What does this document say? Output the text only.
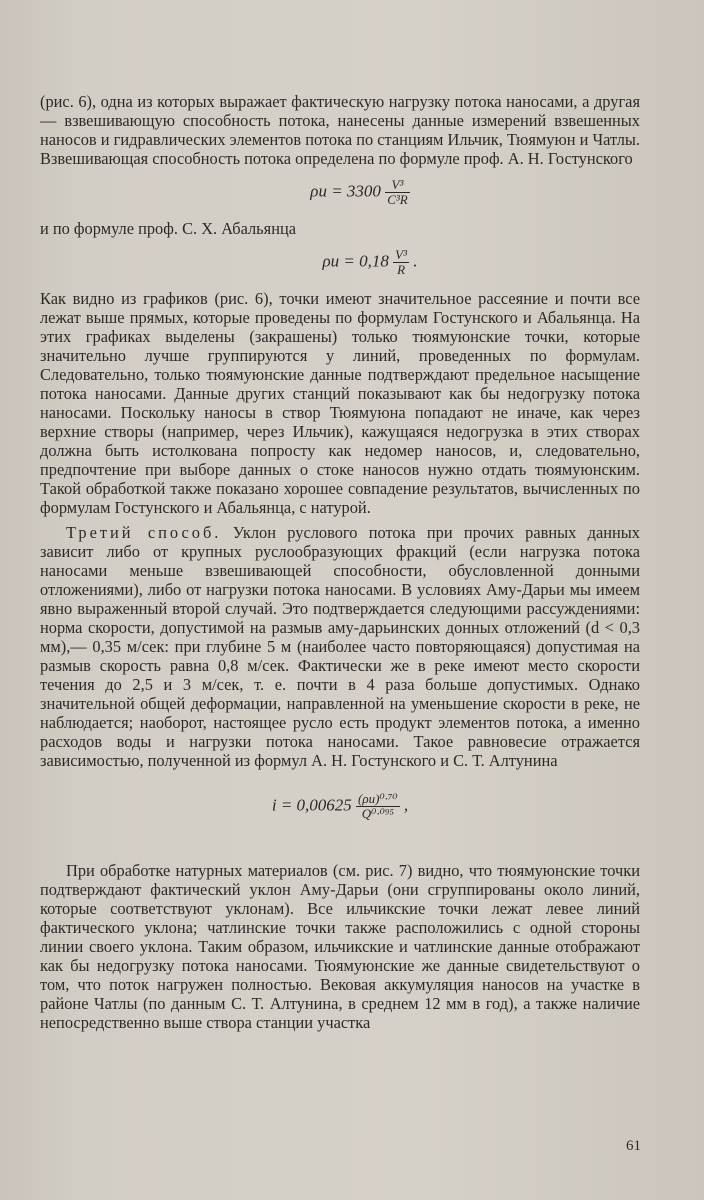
(рис. 6), одна из которых выражает фактическую нагрузку потока наносами, а другая — взвешивающую способность потока, нанесены данные измерений взвешенных наносов и гидравлических элементов потока по станциям Ильчик, Тюямуюн и Чатлы. Взвешивающая способность потока определена по формуле проф. А. Н. Гостунского

$\rho u = 3300 \frac{\text{V³}}{\text{C³R}}$

и по формуле проф. С. Х. Абальянца

$\rho u = 0,18 \frac{\text{V³}}{R}$ .

Как видно из графиков (рис. 6), точки имеют значительное рассеяние и почти все лежат выше прямых, которые проведены по формулам Гостунского и Абальянца. На этих графиках выделены (закрашены) только тюямуюнские точки, которые значительно лучше группируются у линий, проведенных по формулам. Следовательно, только тюямуюнские данные подтверждают предельное насыщение потока наносами. Данные других станций показывают как бы недогрузку потока наносами. Поскольку наносы в створ Тюямуюна попадают не иначе, как через верхние створы (например, через Ильчик), кажущаяся недогрузка в этих створах должна быть истолкована попросту как недомер наносов, и, следовательно, предпочтение при выборе данных о стоке наносов нужно отдать тюямуюнским. Такой обработкой также показано хорошее совпадение результатов, вычисленных по формулам Гостунского и Абальянца, с натурой.

Третий способ. Уклон руслового потока при прочих равных данных зависит либо от крупных руслообразующих фракций (если нагрузка потока наносами меньше взвешивающей способности, обусловленной донными отложениями), либо от нагрузки потока наносами. В условиях Аму-Дарьи мы имеем явно выраженный второй случай. Это подтверждается следующими рассуждениями: норма скорости, допустимой на размыв аму-дарьинских донных отложений (d < 0,3 мм),— 0,35 м/сек: при глубине 5 м (наиболее часто повторяющаяся) допустимая на размыв скорость равна 0,8 м/сек. Фактически же в реке имеют место скорости течения до 2,5 и 3 м/сек, т. е. почти в 4 раза больше допустимых. Однако значительной общей деформации, направленной на уменьшение скорости в реке, не наблюдается; наоборот, настоящее русло есть продукт элементов потока, а именно расходов воды и нагрузки потока наносами. Такое равновесие отражается зависимостью, полученной из формул А. Н. Гостунского и С. Т. Алтунина

$i = 0,00625 \frac{\text{(ρu)⁰·⁷⁰}}{\text{Q⁰·⁰⁹⁵}}$ ,

При обработке натурных материалов (см. рис. 7) видно, что тюямуюнские точки подтверждают фактический уклон Аму-Дарьи (они сгруппированы около линий, которые соответствуют уклонам). Все ильчикские точки лежат левее линий фактического уклона; чатлинские точки также расположились с одной стороны линии своего уклона. Таким образом, ильчикские и чатлинские данные отображают как бы недогрузку потока наносами. Тюямуюнские же данные свидетельствуют о том, что поток нагружен полностью. Вековая аккумуляция наносов на участке в районе Чатлы (по данным С. Т. Алтунина, в среднем 12 мм в год), а также наличие непосредственно выше створа станции участка

61
